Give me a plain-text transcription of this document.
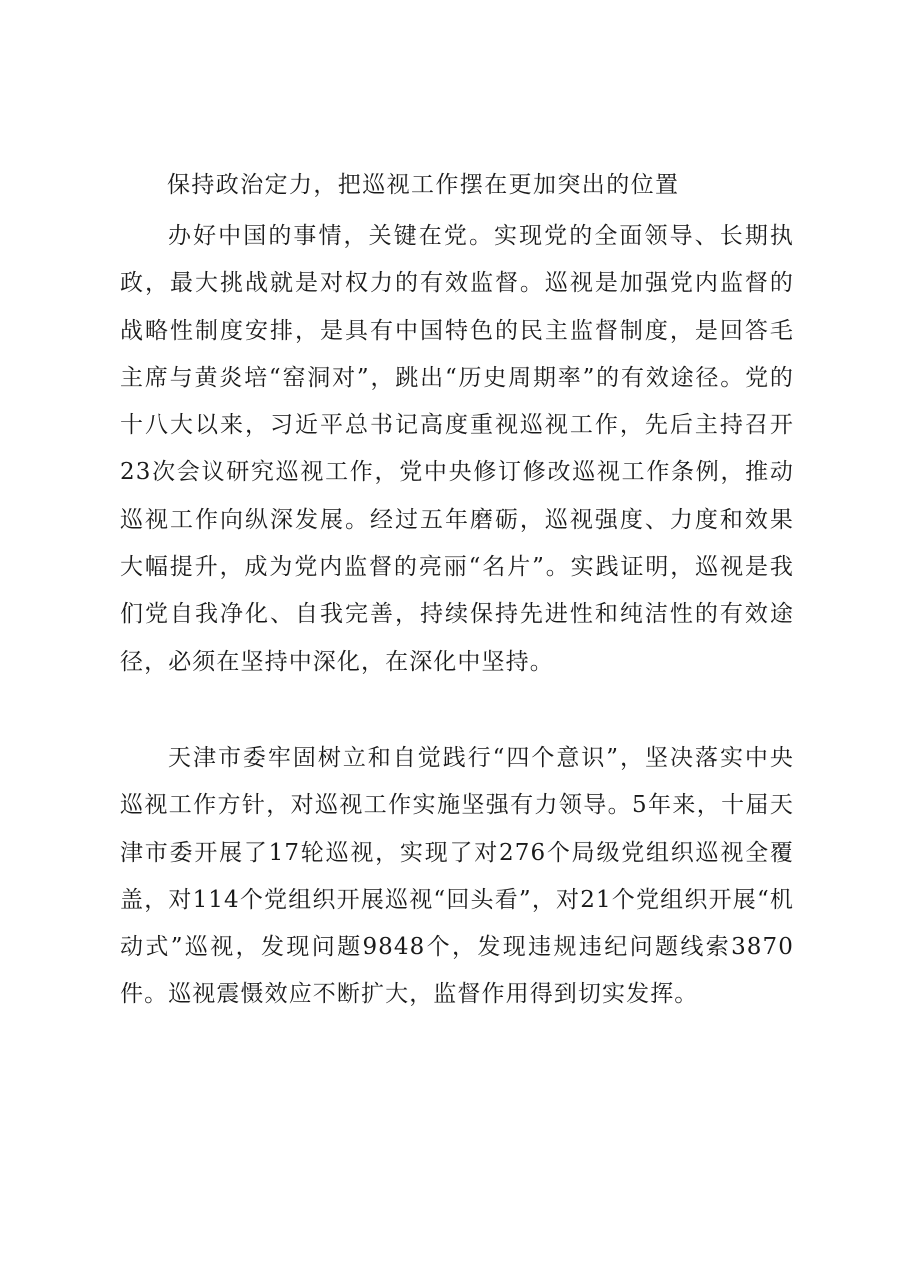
保持政治定力，把巡视工作摆在更加突出的位置

办好中国的事情，关键在党。实现党的全面领导、长期执政，最大挑战就是对权力的有效监督。巡视是加强党内监督的战略性制度安排，是具有中国特色的民主监督制度，是回答毛主席与黄炎培“窑洞对”，跳出“历史周期率”的有效途径。党的十八大以来，习近平总书记高度重视巡视工作，先后主持召开23次会议研究巡视工作，党中央修订修改巡视工作条例，推动巡视工作向纵深发展。经过五年磨砺，巡视强度、力度和效果大幅提升，成为党内监督的亮丽“名片”。实践证明，巡视是我们党自我净化、自我完善，持续保持先进性和纯洁性的有效途径，必须在坚持中深化，在深化中坚持。

天津市委牢固树立和自觉践行“四个意识”，坚决落实中央巡视工作方针，对巡视工作实施坚强有力领导。5年来，十届天津市委开展了17轮巡视，实现了对276个局级党组织巡视全覆盖，对114个党组织开展巡视“回头看”，对21个党组织开展“机动式”巡视，发现问题9848个，发现违规违纪问题线索3870件。巡视震慑效应不断扩大，监督作用得到切实发挥。
